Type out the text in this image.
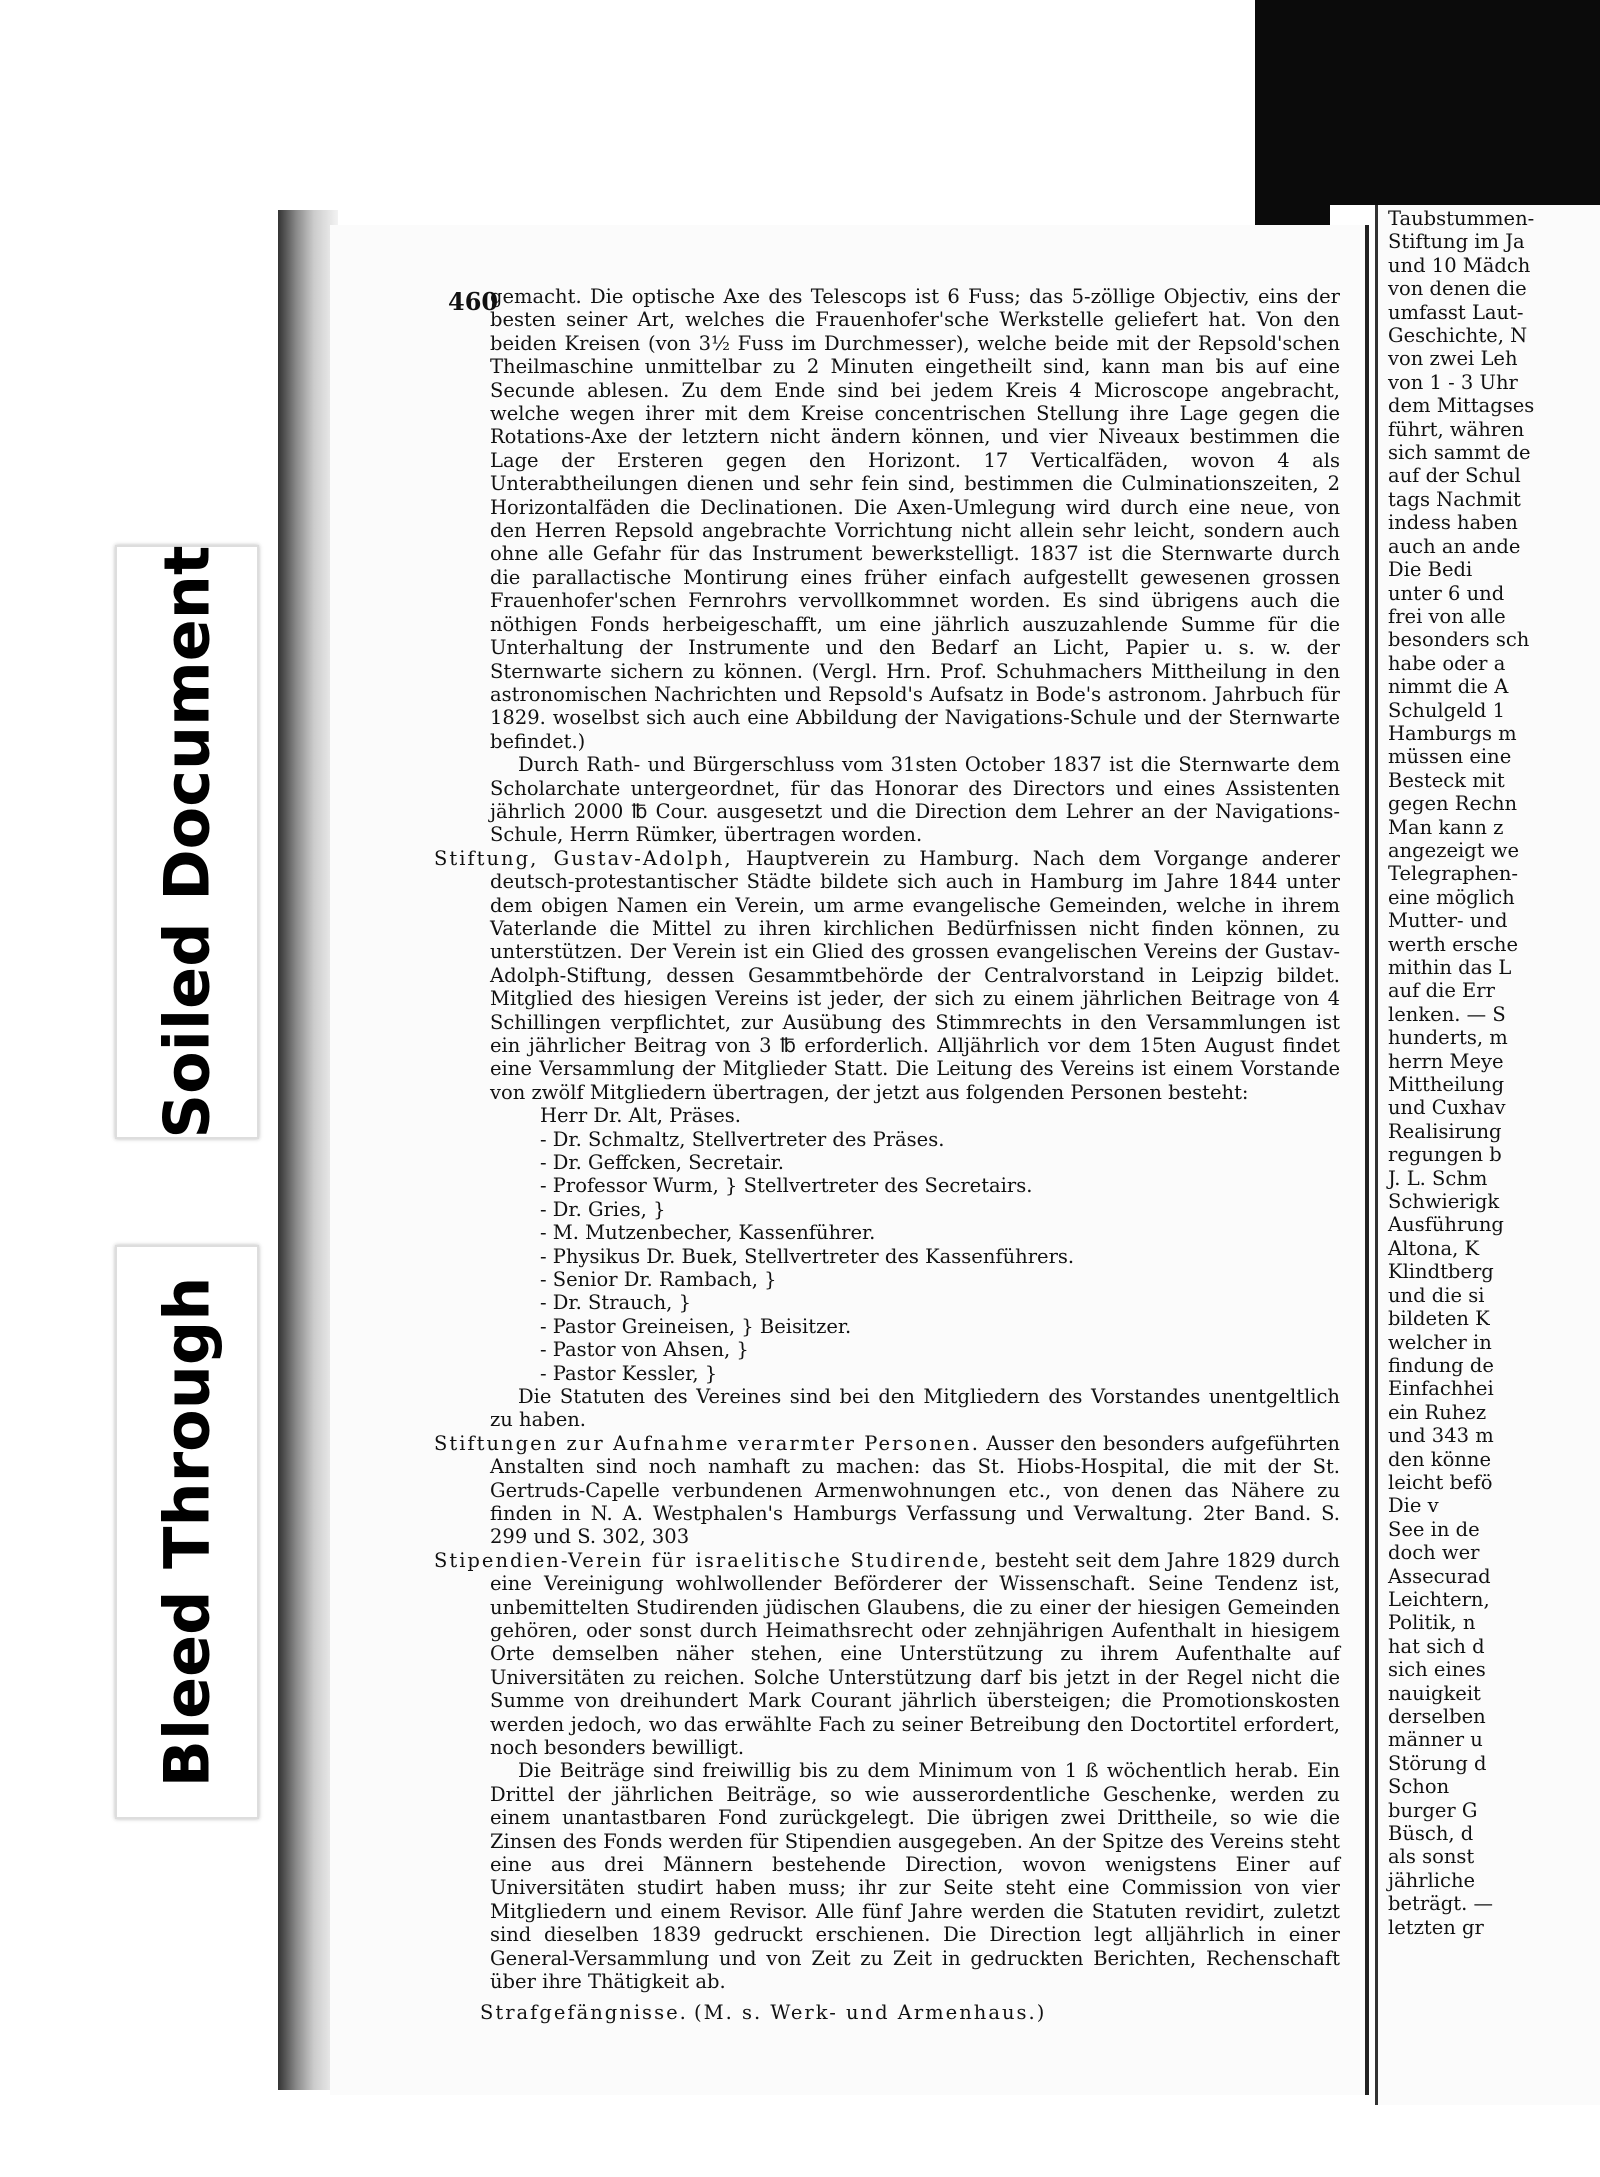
Taubstummen-
Stiftung im Ja
und 10 Mädch
von denen die
umfasst Laut-
Geschichte, N
von zwei Leh
von 1 - 3 Uhr
dem Mittagses
führt, währen
sich sammt de
auf der Schul
tags Nachmit
indess haben
auch an ande
Die Bedi
unter 6 und
frei von alle
besonders sch
habe oder a
nimmt die A
Schulgeld 1
Hamburgs m
müssen eine
Besteck mit
gegen Rechn
Man kann z
angezeigt we
Telegraphen-
eine möglich
Mutter- und
werth ersche
mithin das L
auf die Err
lenken. — S
hunderts, m
herrn Meye
Mittheilung
und Cuxhav
Realisirung
regungen b
J. L. Schm
Schwierigk
Ausführung
Altona, K
Klindtberg
und die si
bildeten K
welcher in
findung de
Einfachhei
ein Ruhez
und 343 m
den könne
leicht befö
Die v
See in de
doch wer
Assecurad
Leichtern,
Politik, n
hat sich d
sich eines
nauigkeit
derselben
männer u
Störung d
Schon
burger G
Büsch, d
als sonst
jährliche
beträgt. —
letzten gr
Soiled Document
Bleed Through
460

gemacht. Die optische Axe des Telescops ist 6 Fuss; das 5-zöllige Objectiv, eins der besten seiner Art, welches die Frauenhofer'sche Werkstelle geliefert hat. Von den beiden Kreisen (von 3½ Fuss im Durchmesser), welche beide mit der Repsold'schen Theilmaschine unmittelbar zu 2 Minuten eingetheilt sind, kann man bis auf eine Secunde ablesen. Zu dem Ende sind bei jedem Kreis 4 Microscope angebracht, welche wegen ihrer mit dem Kreise concentrischen Stellung ihre Lage gegen die Rotations-Axe der letztern nicht ändern können, und vier Niveaux bestimmen die Lage der Ersteren gegen den Horizont. 17 Verticalfäden, wovon 4 als Unterabtheilungen dienen und sehr fein sind, bestimmen die Culminationszeiten, 2 Horizontalfäden die Declinationen. Die Axen-Umlegung wird durch eine neue, von den Herren Repsold angebrachte Vorrichtung nicht allein sehr leicht, sondern auch ohne alle Gefahr für das Instrument bewerkstelligt. 1837 ist die Sternwarte durch die parallactische Montirung eines früher einfach aufgestellt gewesenen grossen Frauenhofer'schen Fernrohrs vervollkommnet worden. Es sind übrigens auch die nöthigen Fonds herbeigeschafft, um eine jährlich auszuzahlende Summe für die Unterhaltung der Instrumente und den Bedarf an Licht, Papier u. s. w. der Sternwarte sichern zu können. (Vergl. Hrn. Prof. Schuhmachers Mittheilung in den astronomischen Nachrichten und Repsold's Aufsatz in Bode's astronom. Jahrbuch für 1829. woselbst sich auch eine Abbildung der Navigations-Schule und der Sternwarte befindet.)

Durch Rath- und Bürgerschluss vom 31sten October 1837 ist die Sternwarte dem Scholarchate untergeordnet, für das Honorar des Directors und eines Assistenten jährlich 2000 ℔ Cour. ausgesetzt und die Direction dem Lehrer an der Navigations-Schule, Herrn Rümker, übertragen worden.

Stiftung, Gustav-Adolph, Hauptverein zu Hamburg. Nach dem Vorgange anderer deutsch-protestantischer Städte bildete sich auch in Hamburg im Jahre 1844 unter dem obigen Namen ein Verein, um arme evangelische Gemeinden, welche in ihrem Vaterlande die Mittel zu ihren kirchlichen Bedürfnissen nicht finden können, zu unterstützen. Der Verein ist ein Glied des grossen evangelischen Vereins der Gustav-Adolph-Stiftung, dessen Gesammtbehörde der Centralvorstand in Leipzig bildet. Mitglied des hiesigen Vereins ist jeder, der sich zu einem jährlichen Beitrage von 4 Schillingen verpflichtet, zur Ausübung des Stimmrechts in den Versammlungen ist ein jährlicher Beitrag von 3 ℔ erforderlich. Alljährlich vor dem 15ten August findet eine Versammlung der Mitglieder Statt. Die Leitung des Vereins ist einem Vorstande von zwölf Mitgliedern übertragen, der jetzt aus folgenden Personen besteht:

Herr Dr. Alt, Präses.
- Dr. Schmaltz, Stellvertreter des Präses.
- Dr. Geffcken, Secretair.
- Professor Wurm, } Stellvertreter des Secretairs.
- Dr. Gries, }
- M. Mutzenbecher, Kassenführer.
- Physikus Dr. Buek, Stellvertreter des Kassenführers.
- Senior Dr. Rambach, }
- Dr. Strauch, }
- Pastor Greineisen, } Beisitzer.
- Pastor von Ahsen, }
- Pastor Kessler, }

Die Statuten des Vereines sind bei den Mitgliedern des Vorstandes unentgeltlich zu haben.

Stiftungen zur Aufnahme verarmter Personen. Ausser den besonders aufgeführten Anstalten sind noch namhaft zu machen: das St. Hiobs-Hospital, die mit der St. Gertruds-Capelle verbundenen Armenwohnungen etc., von denen das Nähere zu finden in N. A. Westphalen's Hamburgs Verfassung und Verwaltung. 2ter Band. S. 299 und S. 302, 303

Stipendien-Verein für israelitische Studirende, besteht seit dem Jahre 1829 durch eine Vereinigung wohlwollender Beförderer der Wissenschaft. Seine Tendenz ist, unbemittelten Studirenden jüdischen Glaubens, die zu einer der hiesigen Gemeinden gehören, oder sonst durch Heimathsrecht oder zehnjährigen Aufenthalt in hiesigem Orte demselben näher stehen, eine Unterstützung zu ihrem Aufenthalte auf Universitäten zu reichen. Solche Unterstützung darf bis jetzt in der Regel nicht die Summe von dreihundert Mark Courant jährlich übersteigen; die Promotionskosten werden jedoch, wo das erwählte Fach zu seiner Betreibung den Doctortitel erfordert, noch besonders bewilligt.

Die Beiträge sind freiwillig bis zu dem Minimum von 1 ß wöchentlich herab. Ein Drittel der jährlichen Beiträge, so wie ausserordentliche Geschenke, werden zu einem unantastbaren Fond zurückgelegt. Die übrigen zwei Drittheile, so wie die Zinsen des Fonds werden für Stipendien ausgegeben. An der Spitze des Vereins steht eine aus drei Männern bestehende Direction, wovon wenigstens Einer auf Universitäten studirt haben muss; ihr zur Seite steht eine Commission von vier Mitgliedern und einem Revisor. Alle fünf Jahre werden die Statuten revidirt, zuletzt sind dieselben 1839 gedruckt erschienen. Die Direction legt alljährlich in einer General-Versammlung und von Zeit zu Zeit in gedruckten Berichten, Rechenschaft über ihre Thätigkeit ab.

Strafgefängnisse. (M. s. Werk- und Armenhaus.)
